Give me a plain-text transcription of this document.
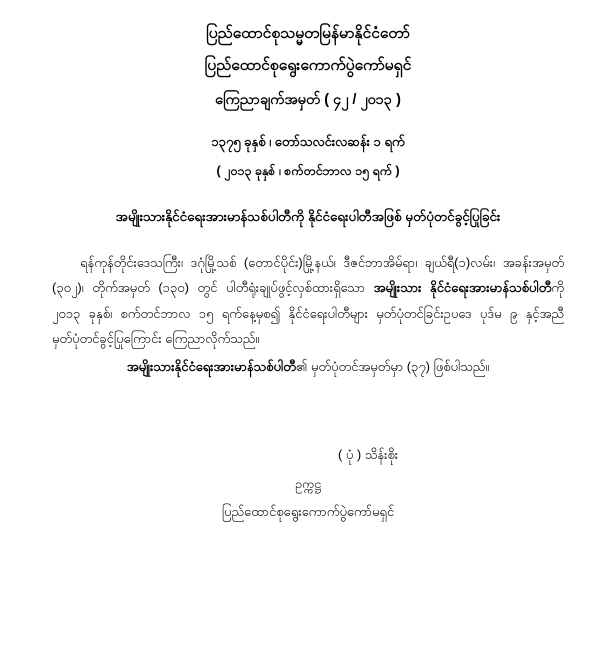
ပြည်ထောင်စုသမ္မတမြန်မာနိုင်ငံတော်
ပြည်ထောင်စုရွေးကောက်ပွဲကော်မရှင်
ကြေညာချက်အမှတ် ( ၄၂ / ၂၀၁၃ )
၁၃၇၅ ခုနှစ် ၊ တော်သလင်းလဆန်း ၁ ရက်
( ၂၀၁၃ ခုနှစ် ၊ စက်တင်ဘာလ ၁၅ ရက် )
အမျိုးသားနိုင်ငံရေးအားမာန်သစ်ပါတီကို နိုင်ငံရေးပါတီအဖြစ် မှတ်ပုံတင်ခွင့်ပြုခြင်း

ရန်ကုန်တိုင်းဒေသကြီး၊ ဒဂုံမြို့သစ် (တောင်ပိုင်း)မြို့နယ်၊ ဒီဇင်ဘာအိမ်ရာ၊ ချယ်ရီ(၁)လမ်း၊ အခန်းအမှတ် (၃၀၂)၊ တိုက်အမှတ် (၁၃၀) တွင် ပါတီရုံးချုပ်ဖွင့်လှစ်ထားရှိသော အမျိုးသား နိုင်ငံရေးအားမာန်သစ်ပါတီကို ၂၀၁၃ ခုနှစ်၊ စက်တင်ဘာလ ၁၅ ရက်နေ့မှစ၍ နိုင်ငံရေးပါတီများ မှတ်ပုံတင်ခြင်းဥပဒေ ပုဒ်မ ၉ နှင့်အညီ မှတ်ပုံတင်ခွင့်ပြုကြောင်း ကြေညာလိုက်သည်။

အမျိုးသားနိုင်ငံရေးအားမာန်သစ်ပါတီ၏ မှတ်ပုံတင်အမှတ်မှာ (၃၇) ဖြစ်ပါသည်။

( ပုံ ) သိန်းစိုး
ဥက္ကဋ္ဌ
ပြည်ထောင်စုရွေးကောက်ပွဲကော်မရှင်
